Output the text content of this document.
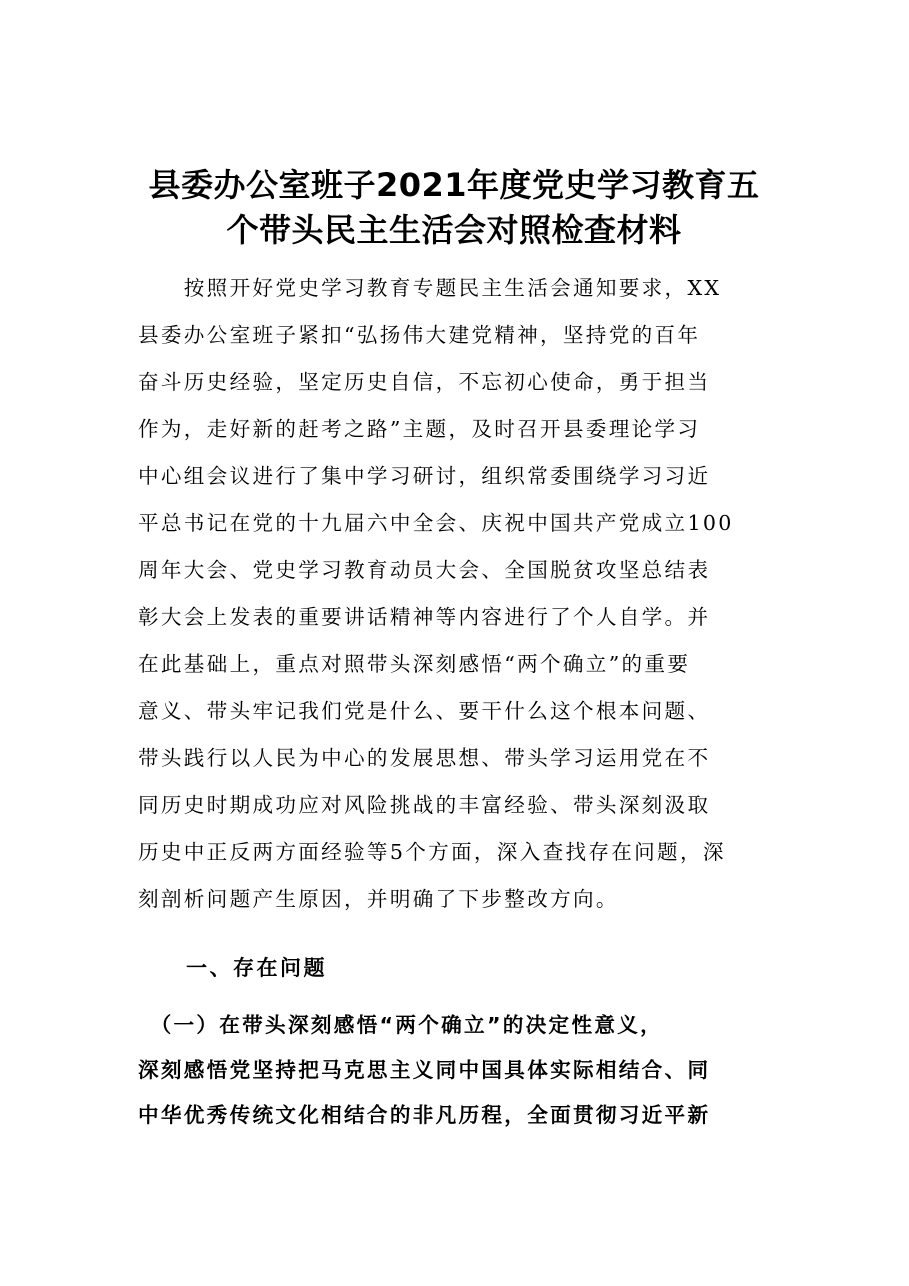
县委办公室班子2021年度党史学习教育五
个带头民主生活会对照检查材料
　　按照开好党史学习教育专题民主生活会通知要求，XX
县委办公室班子紧扣“弘扬伟大建党精神，坚持党的百年
奋斗历史经验，坚定历史自信，不忘初心使命，勇于担当
作为，走好新的赶考之路”主题，及时召开县委理论学习
中心组会议进行了集中学习研讨，组织常委围绕学习习近
平总书记在党的十九届六中全会、庆祝中国共产党成立100
周年大会、党史学习教育动员大会、全国脱贫攻坚总结表
彰大会上发表的重要讲话精神等内容进行了个人自学。并
在此基础上，重点对照带头深刻感悟“两个确立”的重要
意义、带头牢记我们党是什么、要干什么这个根本问题、
带头践行以人民为中心的发展思想、带头学习运用党在不
同历史时期成功应对风险挑战的丰富经验、带头深刻汲取
历史中正反两方面经验等5个方面，深入查找存在问题，深
刻剖析问题产生原因，并明确了下步整改方向。
一、存在问题
　（一）在带头深刻感悟“两个确立”的决定性意义，
深刻感悟党坚持把马克思主义同中国具体实际相结合、同
中华优秀传统文化相结合的非凡历程，全面贯彻习近平新
